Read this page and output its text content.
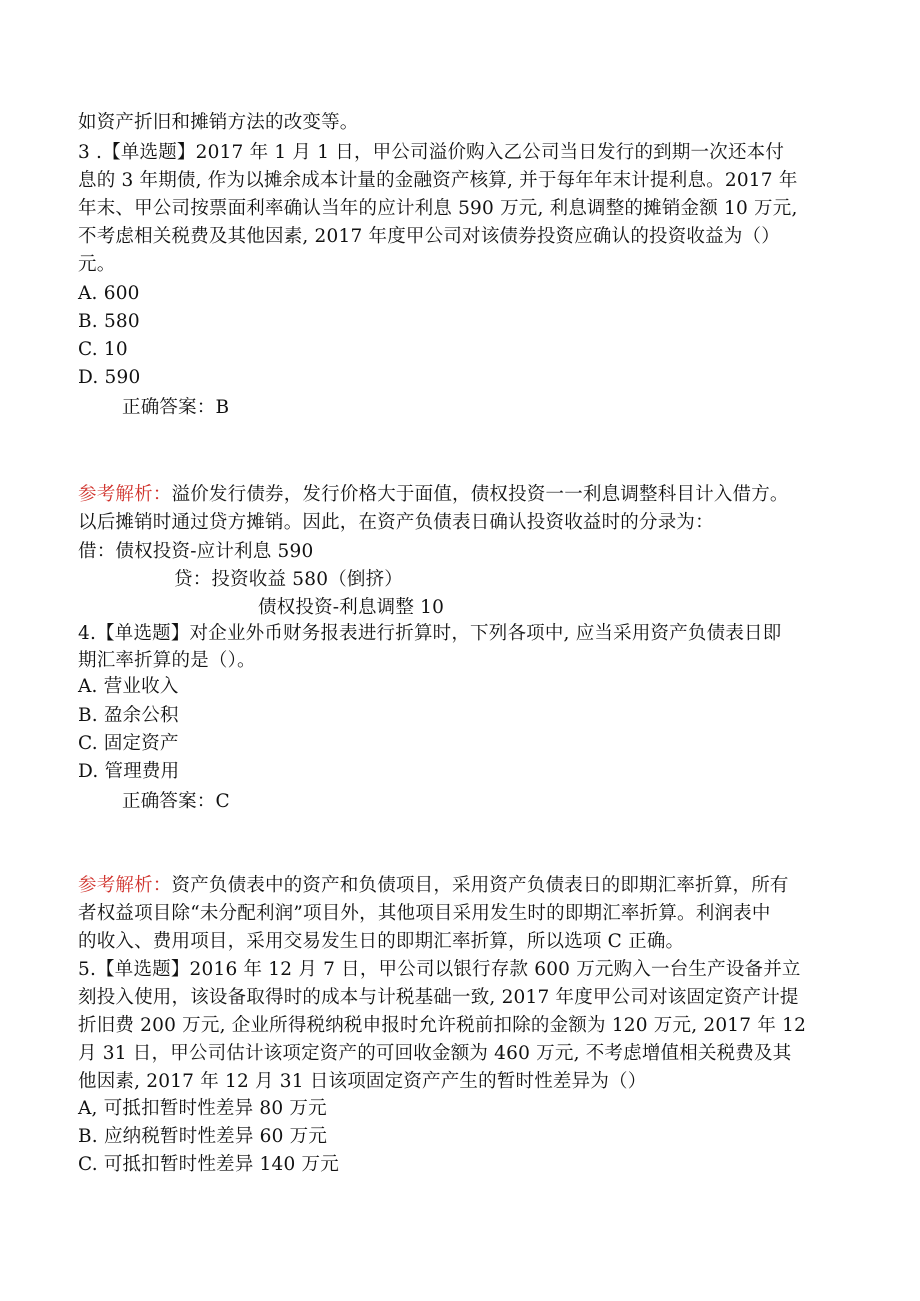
如资产折旧和摊销方法的改变等。
3 .【单选题】2017 年 1 月 1 日，甲公司溢价购入乙公司当日发行的到期一次还本付
息的 3 年期债, 作为以摊余成本计量的金融资产核算, 并于每年年末计提利息。2017 年
年末、甲公司按票面利率确认当年的应计利息 590 万元, 利息调整的摊销金额 10 万元,
不考虑相关税费及其他因素, 2017 年度甲公司对该债券投资应确认的投资收益为（）
元。
A. 600
B. 580
C. 10
D. 590
正确答案：B
参考解析：溢价发行债券，发行价格大于面值，债权投资一一利息调整科目计入借方。
以后摊销时通过贷方摊销。因此，在资产负债表日确认投资收益时的分录为：
借：债权投资-应计利息 590
贷：投资收益 580（倒挤）
债权投资-利息调整 10
4.【单选题】对企业外币财务报表进行折算时，下列各项中, 应当采用资产负债表日即
期汇率折算的是（）。
A. 营业收入
B. 盈余公积
C. 固定资产
D. 管理费用
正确答案：C
参考解析：资产负债表中的资产和负债项目，采用资产负债表日的即期汇率折算，所有
者权益项目除“未分配利润”项目外，其他项目采用发生时的即期汇率折算。利润表中
的收入、费用项目，采用交易发生日的即期汇率折算，所以选项 C 正确。
5.【单选题】2016 年 12 月 7 日，甲公司以银行存款 600 万元购入一台生产设备并立
刻投入使用，该设备取得时的成本与计税基础一致, 2017 年度甲公司对该固定资产计提
折旧费 200 万元, 企业所得税纳税申报时允许税前扣除的金额为 120 万元, 2017 年 12
月 31 日，甲公司估计该项定资产的可回收金额为 460 万元, 不考虑增值相关税费及其
他因素, 2017 年 12 月 31 日该项固定资产产生的暂时性差异为（）
A, 可抵扣暂时性差异 80 万元
B. 应纳税暂时性差异 60 万元
C. 可抵扣暂时性差异 140 万元
